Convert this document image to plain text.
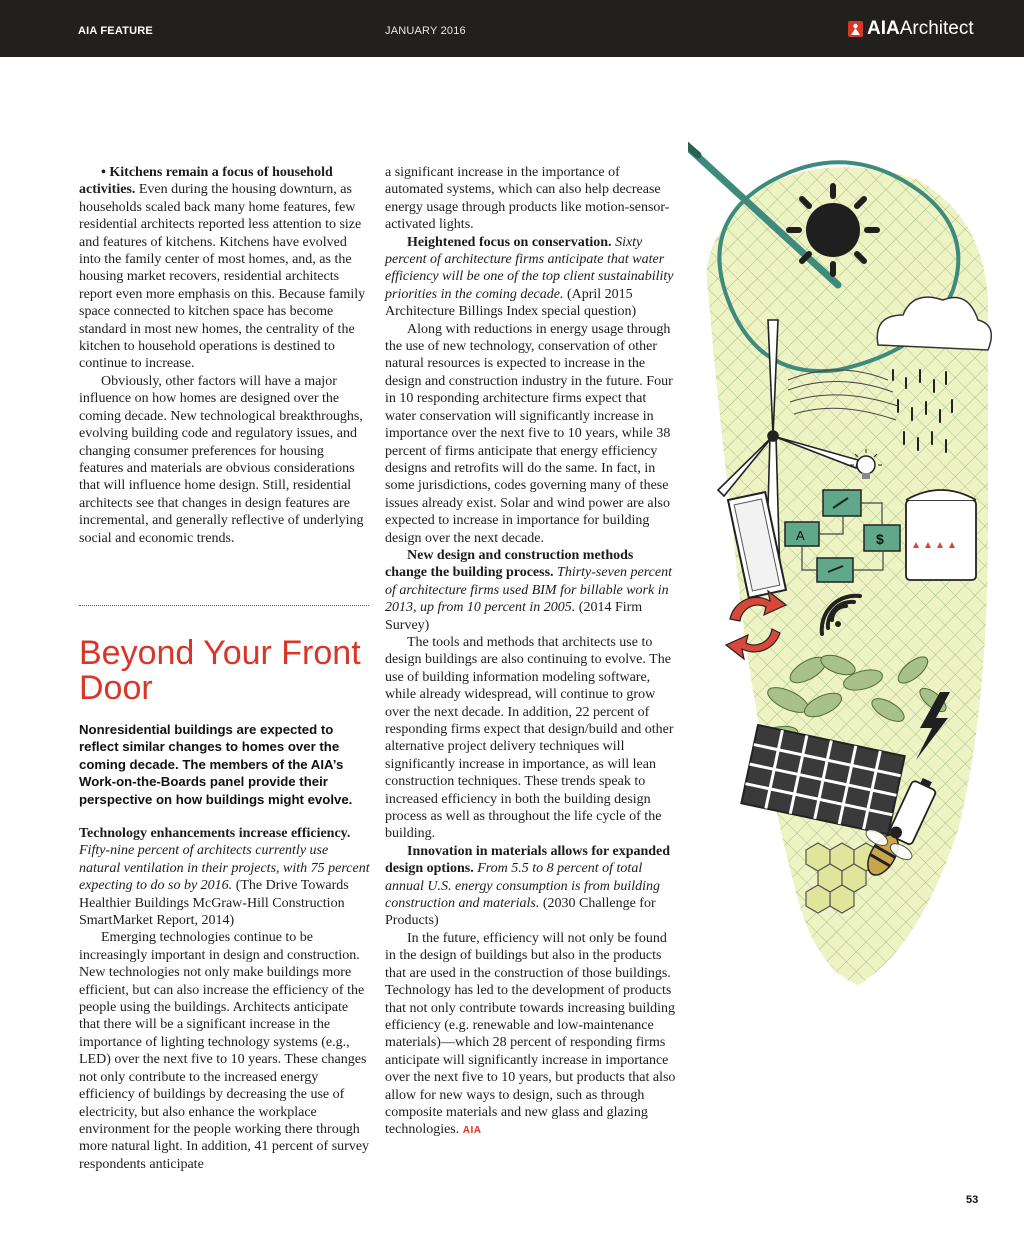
AIA FEATURE	JANUARY 2016	AIA Architect

• Kitchens remain a focus of household activities. Even during the housing downturn, as households scaled back many home features, few residential architects reported less attention to size and features of kitchens. Kitchens have evolved into the family center of most homes, and, as the housing market recovers, residential architects report even more emphasis on this. Because family space connected to kitchen space has become standard in most new homes, the centrality of the kitchen to household operations is destined to continue to increase.

Obviously, other factors will have a major influence on how homes are designed over the coming decade. New technological breakthroughs, evolving building code and regulatory issues, and changing consumer preferences for housing features and materials are obvious considerations that will influence home design. Still, residential architects see that changes in design features are incremental, and generally reflective of underlying social and economic trends.

Beyond Your Front Door

Nonresidential buildings are expected to reflect similar changes to homes over the coming decade. The members of the AIA’s Work-on-the-Boards panel provide their perspective on how buildings might evolve.

Technology enhancements increase efficiency. Fifty-nine percent of architects currently use natural ventilation in their projects, with 75 percent expecting to do so by 2016. (The Drive Towards Healthier Buildings McGraw-Hill Construction SmartMarket Report, 2014)

Emerging technologies continue to be increasingly important in design and construction. New technologies not only make buildings more efficient, but can also increase the efficiency of the people using the buildings. Architects anticipate that there will be a significant increase in the importance of lighting technology systems (e.g., LED) over the next five to 10 years. These changes not only contribute to the increased energy efficiency of buildings by decreasing the use of electricity, but also enhance the workplace environment for the people working there through more natural light. In addition, 41 percent of survey respondents anticipate

a significant increase in the importance of automated systems, which can also help decrease energy usage through products like motion-sensor-activated lights.

Heightened focus on conservation. Sixty percent of architecture firms anticipate that water efficiency will be one of the top client sustainability priorities in the coming decade. (April 2015 Architecture Billings Index special question)

Along with reductions in energy usage through the use of new technology, conservation of other natural resources is expected to increase in the design and construction industry in the future. Four in 10 responding architecture firms expect that water conservation will significantly increase in importance over the next five to 10 years, while 38 percent of firms anticipate that energy efficiency designs and retrofits will do the same. In fact, in some jurisdictions, codes governing many of these issues already exist. Solar and wind power are also expected to increase in importance for building design over the next decade.

New design and construction methods change the building process. Thirty-seven percent of architecture firms used BIM for billable work in 2013, up from 10 percent in 2005. (2014 Firm Survey)

The tools and methods that architects use to design buildings are also continuing to evolve. The use of building information modeling software, while already widespread, will continue to grow over the next decade. In addition, 22 percent of responding firms expect that design/build and other alternative project delivery techniques will significantly increase in importance, as will lean construction techniques. These trends speak to increased efficiency in both the building design process as well as throughout the life cycle of the building.

Innovation in materials allows for expanded design options. From 5.5 to 8 percent of total annual U.S. energy consumption is from building construction and materials. (2030 Challenge for Products)

In the future, efficiency will not only be found in the design of buildings but also in the products that are used in the construction of those buildings. Technology has led to the development of products that not only contribute towards increasing building efficiency (e.g. renewable and low-maintenance materials)—which 28 percent of responding firms anticipate will significantly increase in importance over the next five to 10 years, but products that also allow for new ways to design, such as through composite materials and new glass and glazing technologies. AIA

A	$
53
